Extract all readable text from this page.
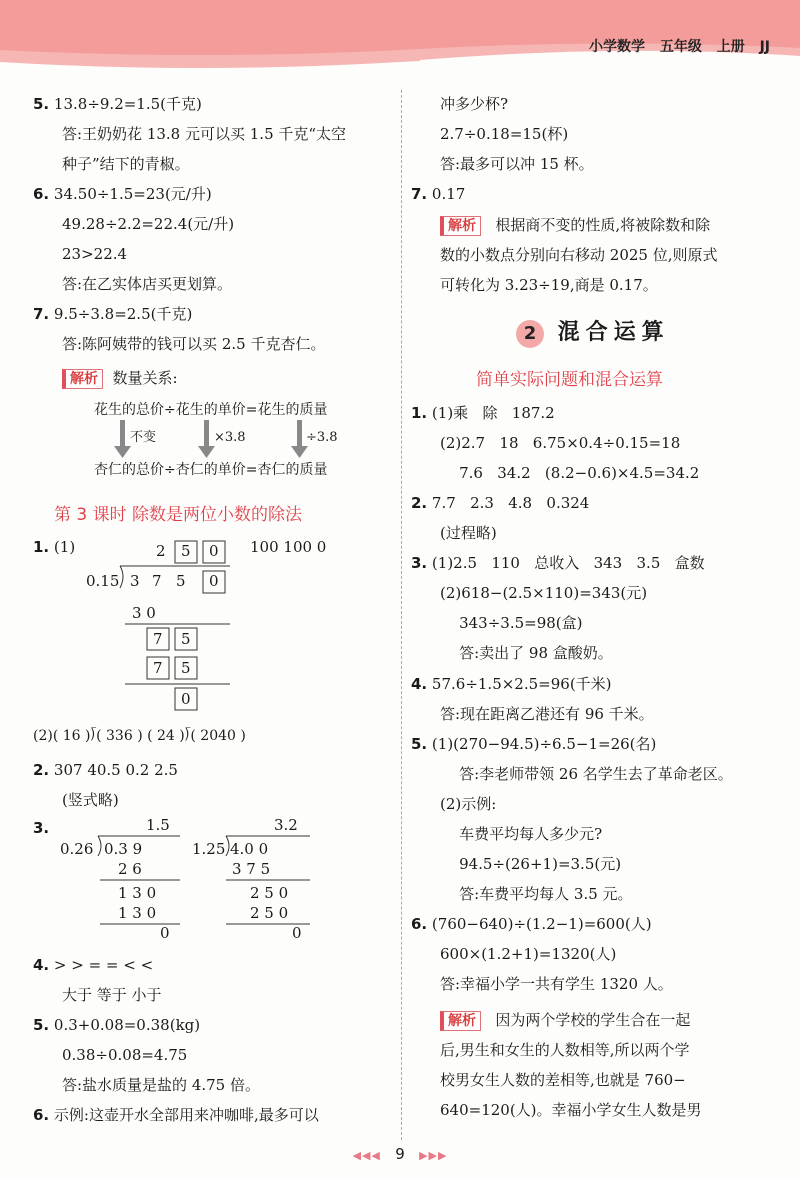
小学数学 五年级 上册 JJ
5. 13.8÷9.2=1.5(千克)
答:王奶奶花 13.8 元可以买 1.5 千克“太空
种子”结下的青椒。
6. 34.50÷1.5=23(元/升)
49.28÷2.2=22.4(元/升)
23>22.4
答:在乙实体店买更划算。
7. 9.5÷3.8=2.5(千克)
答:陈阿姨带的钱可以买 2.5 千克杏仁。
解析 数量关系:
花生的总价÷花生的单价=花生的质量
不变	×3.8	÷3.8
杏仁的总价÷杏仁的单价=杏仁的质量
第 3 课时 除数是两位小数的除法
1. (1)	100 100 0
2 5 0
0.15 3 7 5 0
3 0
7 5
7 5
0
(2)( 16 )⟌( 336 ) ( 24 )⟌( 2040 )
2. 307 40.5 0.2 2.5
(竖式略)
3.	1.5
0.26 0.3 9
2 6
1 3 0
1 3 0
0
3.2
1.25 4.0 0
3 7 5
2 5 0
2 5 0
0
4. > > = = < <
大于 等于 小于
5. 0.3+0.08=0.38(kg)
0.38÷0.08=4.75
答:盐水质量是盐的 4.75 倍。
6. 示例:这壶开水全部用来冲咖啡,最多可以
冲多少杯?
2.7÷0.18=15(杯)
答:最多可以冲 15 杯。
7. 0.17
解析 根据商不变的性质,将被除数和除
数的小数点分别向右移动 2025 位,则原式
可转化为 3.23÷19,商是 0.17。
2 混合运算
简单实际问题和混合运算
1. (1)乘   除   187.2
(2)2.7   18   6.75×0.4÷0.15=18
7.6   34.2   (8.2−0.6)×4.5=34.2
2. 7.7   2.3   4.8   0.324
(过程略)
3. (1)2.5   110   总收入   343   3.5   盒数
(2)618−(2.5×110)=343(元)
343÷3.5=98(盒)
答:卖出了 98 盒酸奶。
4. 57.6÷1.5×2.5=96(千米)
答:现在距离乙港还有 96 千米。
5. (1)(270−94.5)÷6.5−1=26(名)
答:李老师带领 26 名学生去了革命老区。
(2)示例:
车费平均每人多少元?
94.5÷(26+1)=3.5(元)
答:车费平均每人 3.5 元。
6. (760−640)÷(1.2−1)=600(人)
600×(1.2+1)=1320(人)
答:幸福小学一共有学生 1320 人。
解析 因为两个学校的学生合在一起
后,男生和女生的人数相等,所以两个学
校男女生人数的差相等,也就是 760−
640=120(人)。幸福小学女生人数是男
◀◀◀ 9 ▶▶▶
